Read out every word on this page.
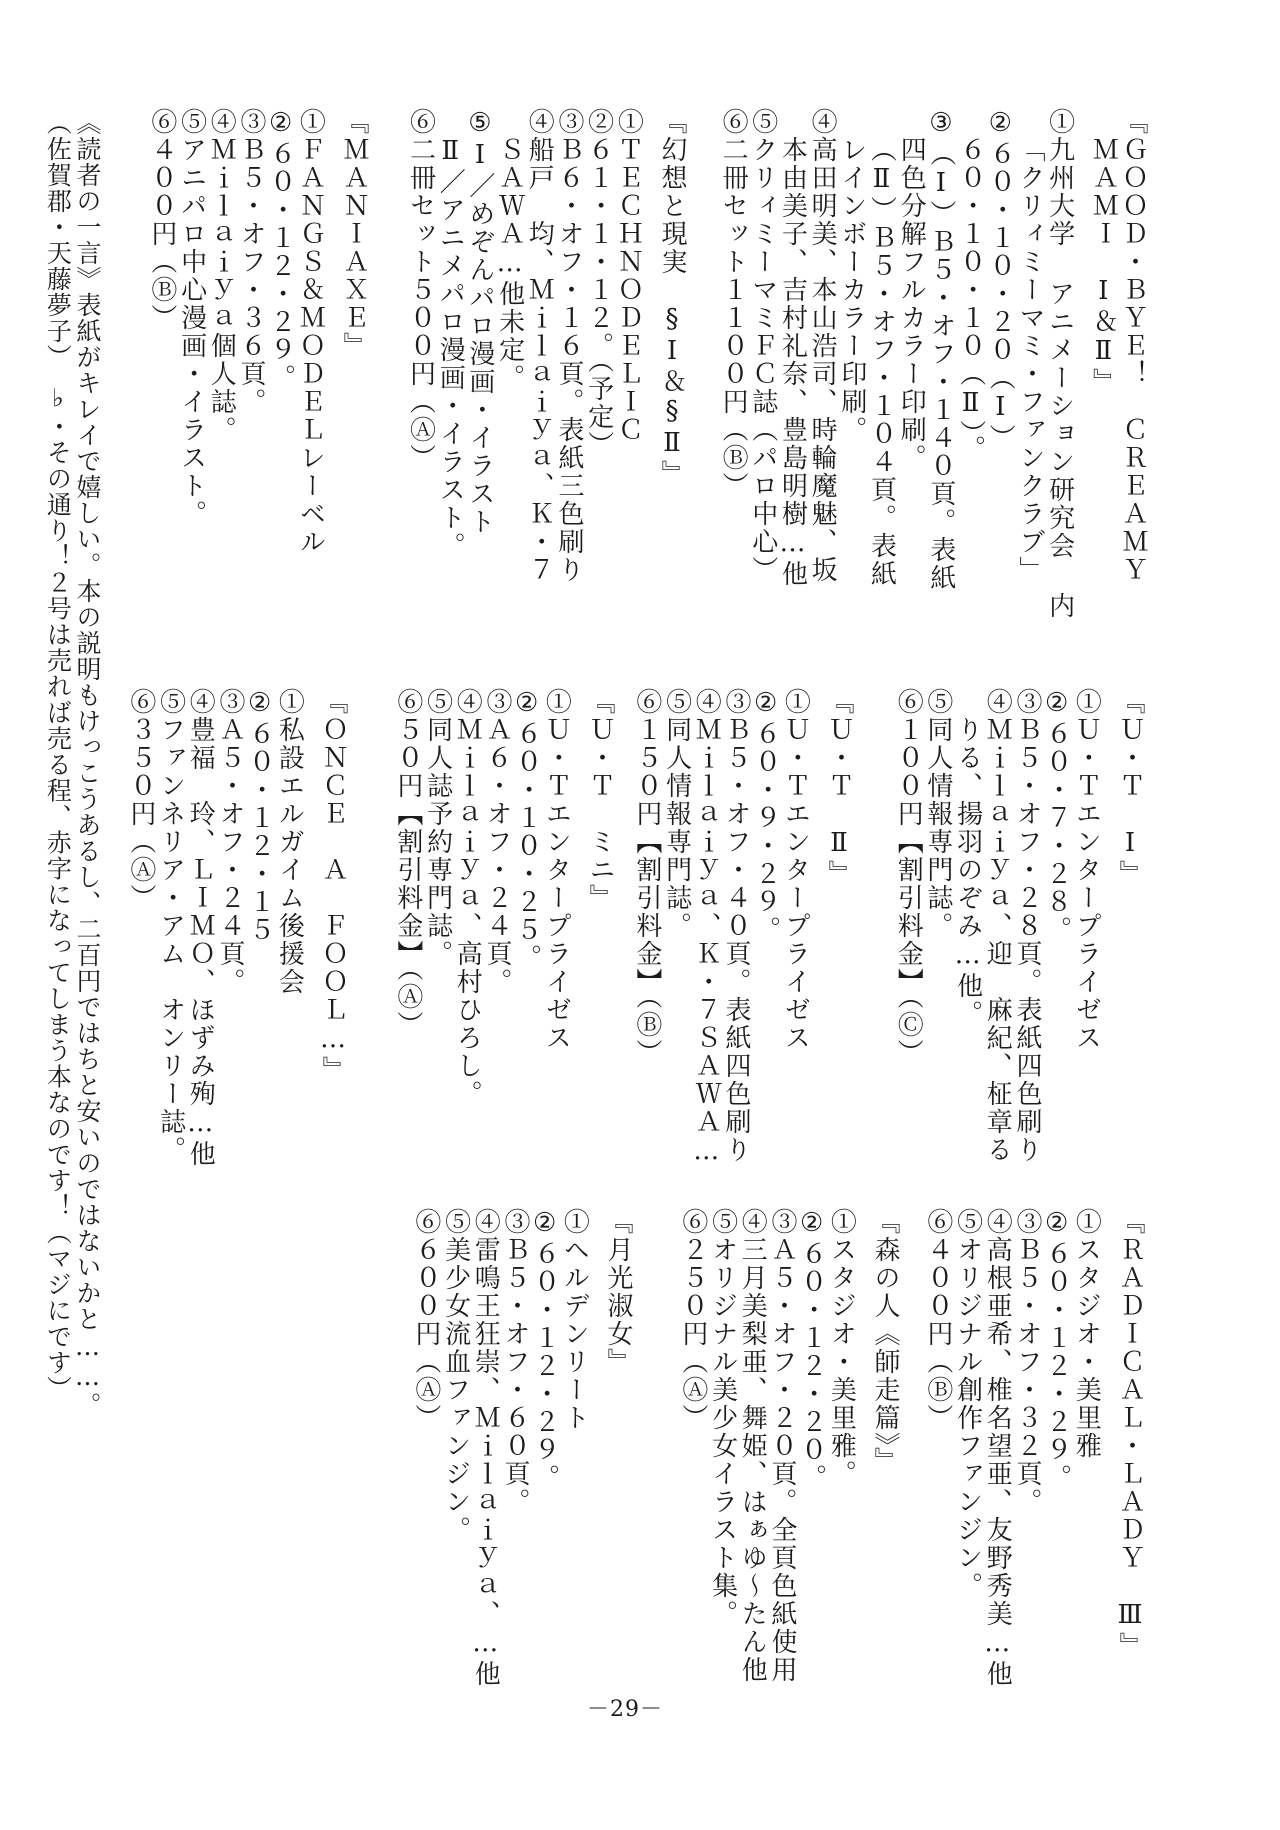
『ＧＯＯＤ・ＢＹＥ！　ＣＲＥＡＭＹ
ＭＡＭＩ　Ⅰ＆Ⅱ』
①九州大学 アニメーション研究会 内
「クリィミーマミ・ファンクラブ」
②６０・１０・２０（Ⅰ）
６０・１０・１０（Ⅱ）。
③（Ⅰ）Ｂ５・オフ・１４０頁。表紙
四色分解フルカラー印刷。
（Ⅱ）Ｂ５・オフ・１０４頁。表紙
レインボーカラー印刷。
④高田明美、本山浩司、時輪魔魅、坂
本由美子、吉村礼奈、豊島明樹…他
⑤クリィミーマミＦＣ誌（パロ中心）
⑥二冊セット１１００円（Ⓑ）
『幻想と現実　§Ⅰ＆§Ⅱ』
①ＴＥＣＨＮＯＤＥＬＩＣ
②６１・１・１２。（予定）
③Ｂ６・オフ・１６頁。表紙三色刷り
④船戸　均、Ｍｉｌａｉｙａ、Ｋ・７
ＳＡＷＡ…他未定。
⑤Ⅰ／めぞんパロ漫画・イラスト
Ⅱ／アニメパロ漫画・イラスト。
⑥二冊セット５００円（Ⓐ）
『ＭＡＮＩＡＸＥ』
①ＦＡＮＧＳ＆ＭＯＤＥＬレーベル
②６０・１２・２９。
③Ｂ５・オフ・３６頁。
④Ｍｉｌａｉｙａ個人誌。
⑤アニパロ中心漫画・イラスト。
⑥４００円（Ⓑ）
『Ｕ・Ｔ　Ⅰ』
①Ｕ・Ｔエンタープライゼス
②６０・７・２８。
③Ｂ５・オフ・２８頁。表紙四色刷り
④Ｍｉｌａｉｙａ、迎　麻紀、柾章る
りる、揚羽のぞみ…他。
⑤同人情報専門誌。
⑥１００円【割引料金】（Ⓒ）
『Ｕ・Ｔ　Ⅱ』
①Ｕ・Ｔエンタープライゼス
②６０・９・２９。
③Ｂ５・オフ・４０頁。表紙四色刷り
④Ｍｉｌａｉｙａ、Ｋ・７ＳＡＷＡ…
⑤同人情報専門誌。
⑥１５０円【割引料金】（Ⓑ）
『Ｕ・Ｔ　ミニ』
①Ｕ・Ｔエンタープライゼス
②６０・１０・２５。
③Ａ６・オフ・２４頁。
④Ｍｉｌａｉｙａ、高村ひろし。
⑤同人誌予約専門誌。
⑥５０円【割引料金】（Ⓐ）
『ＯＮＣＥ　Ａ　ＦＯＯＬ…』
①私設エルガイム後援会
②６０・１２・１５
③Ａ５・オフ・２４頁。
④豊福　玲、ＬＩＭＯ、ほずみ殉…他
⑤ファンネリア・アム　オンリー誌。
⑥３５０円（Ⓐ）
『ＲＡＤＩＣＡＬ・ＬＡＤＹ　Ⅲ』
①スタジオ・美里雅
②６０・１２・２９。
③Ｂ５・オフ・３２頁。
④高根亜希、椎名望亜、友野秀美…他
⑤オリジナル創作ファンジン。
⑥４００円（Ⓑ）
『森の人《師走篇》』
①スタジオ・美里雅。
②６０・１２・２０。
③Ａ５・オフ・２０頁。全頁色紙使用
④三月美梨亜、舞姫、はぁゆ～たん他
⑤オリジナル美少女イラスト集。
⑥２５０円（Ⓐ）
『月光淑女』
①ヘルデンリート
②６０・１２・２９。
③Ｂ５・オフ・６０頁。
④雷鳴王狂崇、Ｍｉｌａｉｙａ、…他
⑤美少女流血ファンジン。
⑥６００円（Ⓐ）
《読者の一言》表紙がキレイで嬉しい。本の説明もけっこうあるし、二百円ではちと安いのではないかと……。
（佐賀郡・天藤夢子）　♭・その通り！２号は売れば売る程、赤字になってしまう本なのです！（マジにです）
－29－
